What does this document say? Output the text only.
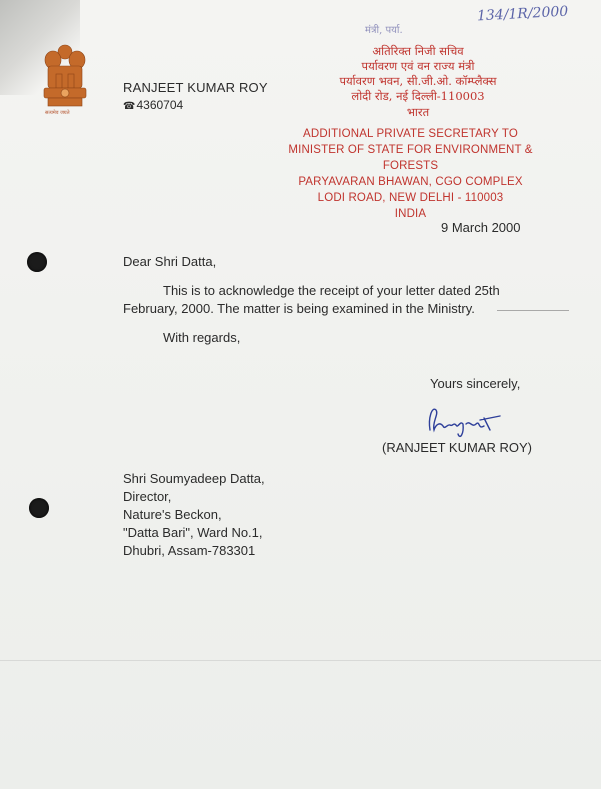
सत्यमेव जयते
RANJEET KUMAR ROY
☎4360704
मंत्री, पर्या.
134/1R/2000
अतिरिक्त निजी सचिव
पर्यावरण एवं वन राज्य मंत्री
पर्यावरण भवन, सी.जी.ओ. कॉम्प्लैक्स
लोदी रोड, नई दिल्ली-110003
भारत
ADDITIONAL PRIVATE SECRETARY TO
MINISTER OF STATE FOR ENVIRONMENT & FORESTS
PARYAVARAN BHAWAN, CGO COMPLEX
LODI ROAD, NEW DELHI - 110003
INDIA
9 March 2000
Dear Shri Datta,
This is to acknowledge the receipt of your letter dated 25th
February, 2000. The matter is being examined in the Ministry.
With regards,
Yours sincerely,
(RANJEET KUMAR ROY)
Shri Soumyadeep Datta,
Director,
Nature's Beckon,
"Datta Bari", Ward No.1,
Dhubri, Assam-783301
